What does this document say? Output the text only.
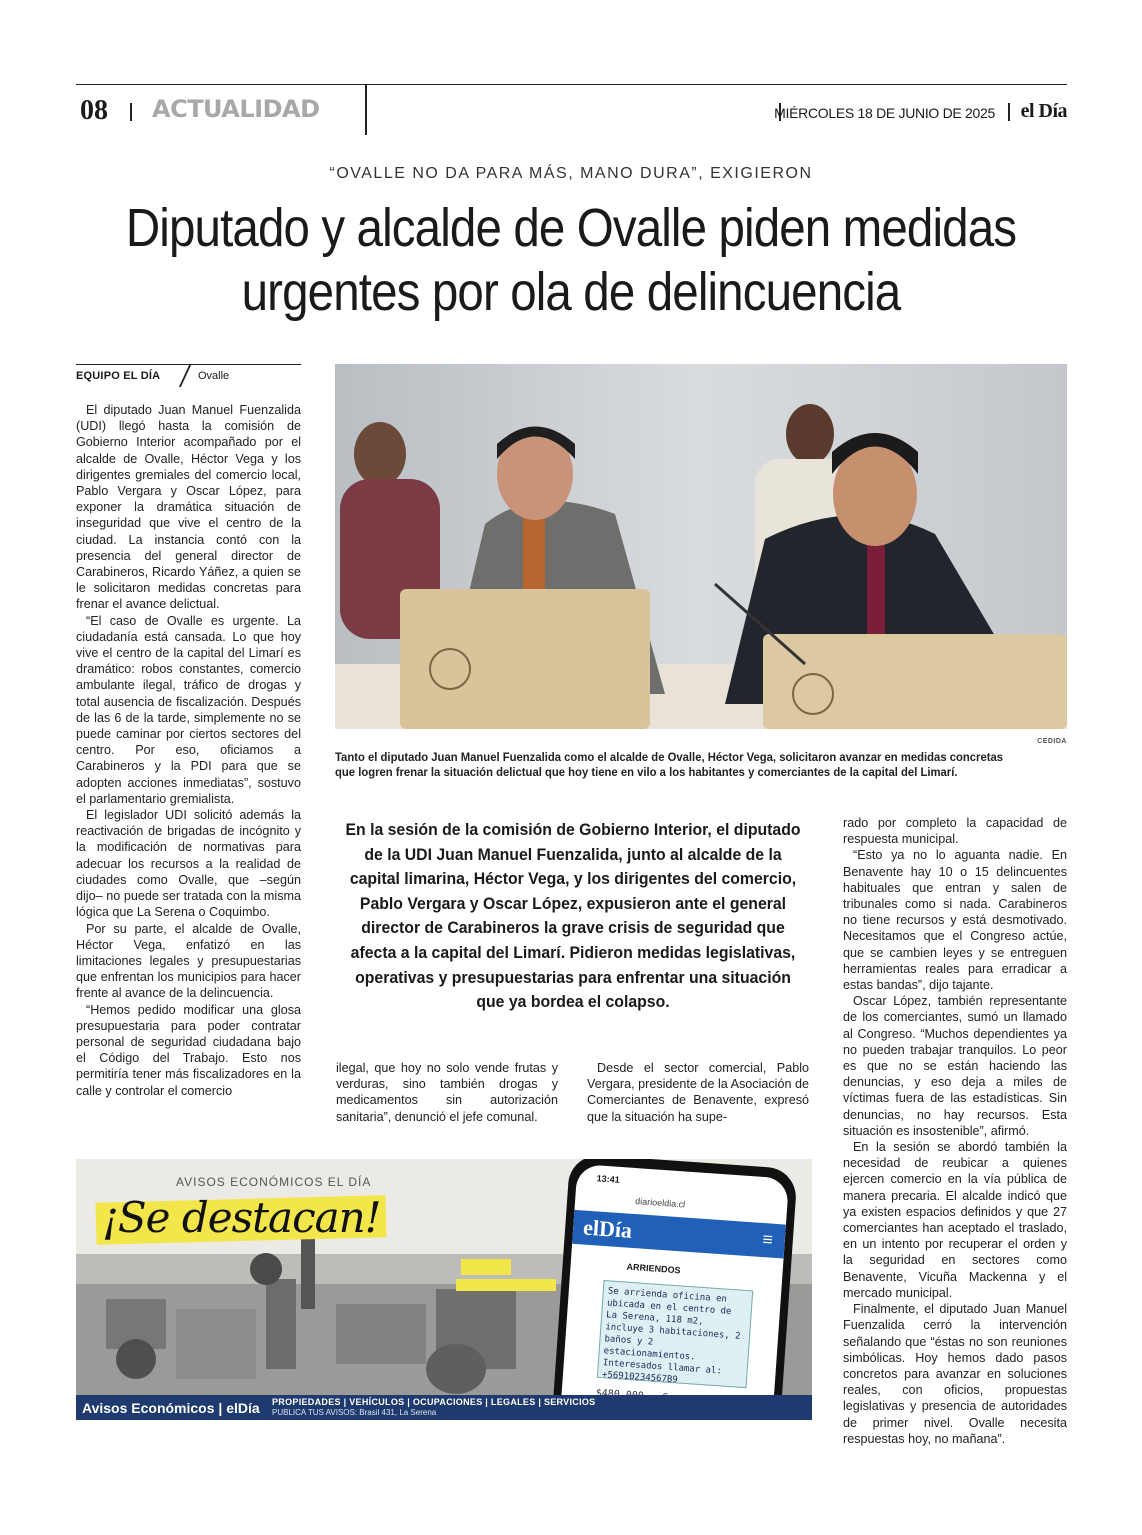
08 ACTUALIDAD	MIÉRCOLES 18 DE JUNIO DE 2025 el Día
“OVALLE NO DA PARA MÁS, MANO DURA”, EXIGIERON
Diputado y alcalde de Ovalle piden medidas urgentes por ola de delincuencia
EQUIPO EL DÍA	Ovalle

El diputado Juan Manuel Fuenzalida (UDI) llegó hasta la comisión de Gobierno Interior acompañado por el alcalde de Ovalle, Héctor Vega y los dirigentes gremiales del comercio local, Pablo Vergara y Oscar López, para exponer la dramática situación de inseguridad que vive el centro de la ciudad. La instancia contó con la presencia del general director de Carabineros, Ricardo Yáñez, a quien se le solicitaron medidas concretas para frenar el avance delictual.

“El caso de Ovalle es urgente. La ciudadanía está cansada. Lo que hoy vive el centro de la capital del Limarí es dramático: robos constantes, comercio ambulante ilegal, tráfico de drogas y total ausencia de fiscalización. Después de las 6 de la tarde, simplemente no se puede caminar por ciertos sectores del centro. Por eso, oficiamos a Carabineros y la PDI para que se adopten acciones inmediatas”, sostuvo el parlamentario gremialista.

El legislador UDI solicitó además la reactivación de brigadas de incógnito y la modificación de normativas para adecuar los recursos a la realidad de ciudades como Ovalle, que –según dijo– no puede ser tratada con la misma lógica que La Serena o Coquimbo.

Por su parte, el alcalde de Ovalle, Héctor Vega, enfatizó en las limitaciones legales y presupuestarias que enfrentan los municipios para hacer frente al avance de la delincuencia.

“Hemos pedido modificar una glosa presupuestaria para poder contratar personal de seguridad ciudadana bajo el Código del Trabajo. Esto nos permitiría tener más fiscalizadores en la calle y controlar el comercio

CEDIDA
Tanto el diputado Juan Manuel Fuenzalida como el alcalde de Ovalle, Héctor Vega, solicitaron avanzar en medidas concretas que logren frenar la situación delictual que hoy tiene en vilo a los habitantes y comerciantes de la capital del Limarí.
En la sesión de la comisión de Gobierno Interior, el diputado de la UDI Juan Manuel Fuenzalida, junto al alcalde de la capital limarina, Héctor Vega, y los dirigentes del comercio, Pablo Vergara y Oscar López, expusieron ante el general director de Carabineros la grave crisis de seguridad que afecta a la capital del Limarí. Pidieron medidas legislativas, operativas y presupuestarias para enfrentar una situación que ya bordea el colapso.

ilegal, que hoy no solo vende frutas y verduras, sino también drogas y medicamentos sin autorización sanitaria”, denunció el jefe comunal.

Desde el sector comercial, Pablo Vergara, presidente de la Asociación de Comerciantes de Benavente, expresó que la situación ha supe-

rado por completo la capacidad de respuesta municipal.

“Esto ya no lo aguanta nadie. En Benavente hay 10 o 15 delincuentes habituales que entran y salen de tribunales como si nada. Carabineros no tiene recursos y está desmotivado. Necesitamos que el Congreso actúe, que se cambien leyes y se entreguen herramientas reales para erradicar a estas bandas”, dijo tajante.

Oscar López, también representante de los comerciantes, sumó un llamado al Congreso. “Muchos dependientes ya no pueden trabajar tranquilos. Lo peor es que no se están haciendo las denuncias, y eso deja a miles de víctimas fuera de las estadísticas. Sin denuncias, no hay recursos. Esta situación es insostenible”, afirmó.

En la sesión se abordó también la necesidad de reubicar a quienes ejercen comercio en la vía pública de manera precaria. El alcalde indicó que ya existen espacios definidos y que 27 comerciantes han aceptado el traslado, en un intento por recuperar el orden y la seguridad en sectores como Benavente, Vicuña Mackenna y el mercado municipal.

Finalmente, el diputado Juan Manuel Fuenzalida cerró la intervención señalando que “éstas no son reuniones simbólicas. Hoy hemos dado pasos concretos para avanzar en soluciones reales, con oficios, propuestas legislativas y presencia de autoridades de primer nivel. Ovalle necesita respuestas hoy, no mañana”.

AVISOS ECONÓMICOS EL DÍA
¡Se destacan!
13:41
diarioeldia.cl
elDía	≡
ARRIENDOS
Se arrienda oficina en ubicada en el centro de La Serena, 118 m2, incluye 3 habitaciones, 2 baños y 2 estacionamientos. Interesados llamar al: +56910234567B9
Avisos Económicos | elDía PROPIEDADES | VEHÍCULOS | OCUPACIONES | LEGALES | SERVICIOS
PUBLICA TUS AVISOS: Brasil 431, La Serena
